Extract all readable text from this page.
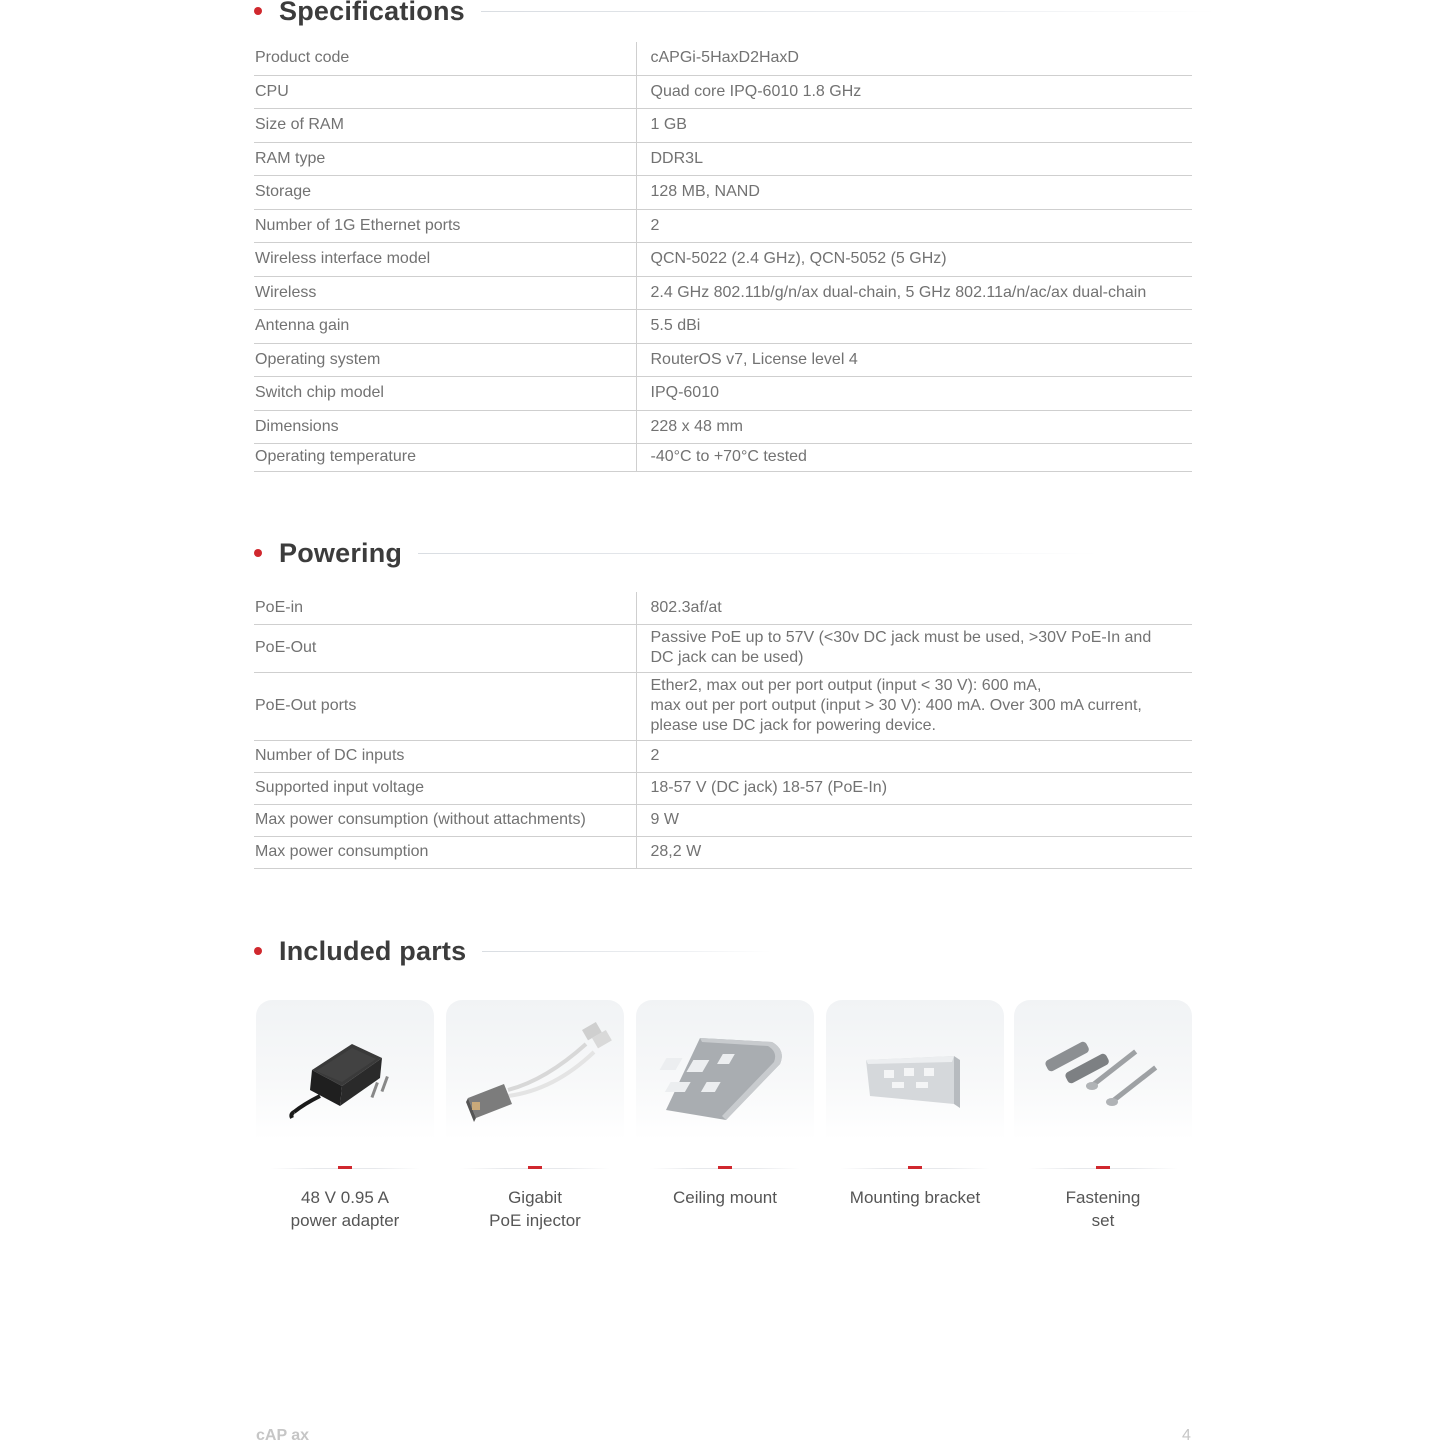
Specifications
Product code	cAPGi-5HaxD2HaxD
CPU	Quad core IPQ-6010 1.8 GHz
Size of RAM	1 GB
RAM type	DDR3L
Storage	128 MB, NAND
Number of 1G Ethernet ports	2
Wireless interface model	QCN-5022 (2.4 GHz), QCN-5052 (5 GHz)
Wireless	2.4 GHz 802.11b/g/n/ax dual-chain, 5 GHz 802.11a/n/ac/ax dual-chain
Antenna gain	5.5 dBi
Operating system	RouterOS v7, License level 4
Switch chip model	IPQ-6010
Dimensions	228 x 48 mm
Operating temperature	-40°C to +70°C tested
Powering
PoE-in	802.3af/at

PoE-Out	Passive PoE up to 57V (<30v DC jack must be used, >30V PoE-In and
DC jack can be used)

PoE-Out ports	Ether2, max out per port output (input < 30 V): 600 mA,
max out per port output (input > 30 V): 400 mA. Over 300 mA current,
please use DC jack for powering device.

Number of DC inputs	2

Supported input voltage	18-57 V (DC jack) 18-57 (PoE-In)

Max power consumption (without attachments)	9 W

Max power consumption	28,2 W
Included parts
48 V 0.95 A
power adapter
Gigabit
PoE injector
Ceiling mount	Mounting bracket	Fastening
set
cAP ax	4
